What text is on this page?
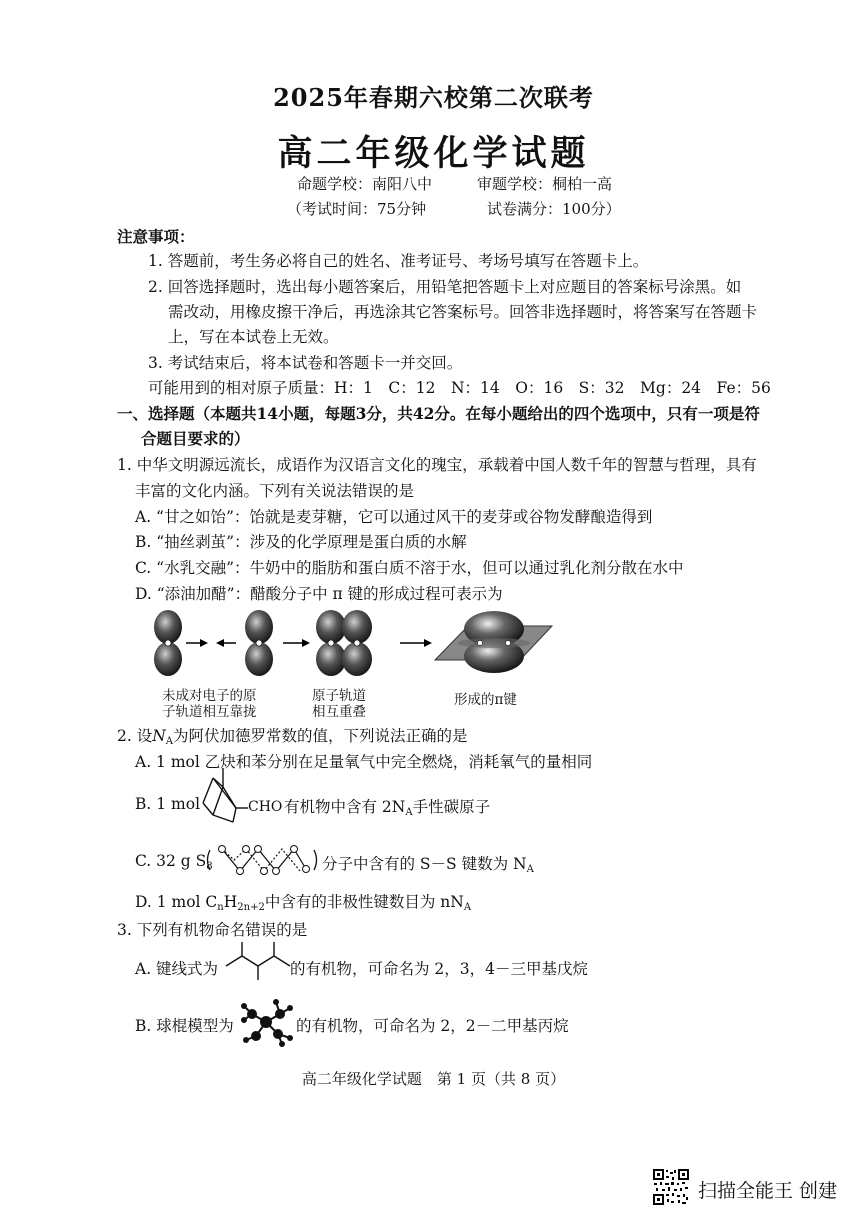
2025年春期六校第二次联考
高二年级化学试题
命题学校：南阳八中	审题学校：桐柏一高
（考试时间：75分钟	试卷满分：100分）
注意事项：
1. 答题前，考生务必将自己的姓名、准考证号、考场号填写在答题卡上。
2. 回答选择题时，选出每小题答案后，用铅笔把答题卡上对应题目的答案标号涂黑。如
需改动，用橡皮擦干净后，再选涂其它答案标号。回答非选择题时，将答案写在答题卡
上，写在本试卷上无效。
3. 考试结束后，将本试卷和答题卡一并交回。
可能用到的相对原子质量：H：1　C：12　N：14　O：16　S：32　Mg：24　Fe：56
一、选择题（本题共14小题，每题3分，共42分。在每小题给出的四个选项中，只有一项是符
合题目要求的）
1. 中华文明源远流长，成语作为汉语言文化的瑰宝，承载着中国人数千年的智慧与哲理，具有
丰富的文化内涵。下列有关说法错误的是
A. “甘之如饴”：饴就是麦芽糖，它可以通过风干的麦芽或谷物发酵酿造得到
B. “抽丝剥茧”：涉及的化学原理是蛋白质的水解
C. “水乳交融”：牛奶中的脂肪和蛋白质不溶于水，但可以通过乳化剂分散在水中
D. “添油加醋”：醋酸分子中 π 键的形成过程可表示为
未成对电子的原
子轨道相互靠拢
原子轨道
相互重叠
形成的π键
2. 设$N_A$为阿伏加德罗常数的值，下列说法正确的是
A. 1 mol 乙炔和苯分别在足量氧气中完全燃烧，消耗氧气的量相同
B. 1 mol	CHO 有机物中含有 $2N_A$手性碳原子
C. 32 g $S_8$	分子中含有的 S－S 键数为 $N_A$
D. 1 mol $C_nH_{2n+2}$中含有的非极性键数目为 $nN_A$
3. 下列有机物命名错误的是
A. 键线式为	的有机物，可命名为 2，3，4－三甲基戊烷
B. 球棍模型为	的有机物，可命名为 2，2－二甲基丙烷
高二年级化学试题　第 1 页（共 8 页）
扫描全能王 创建
